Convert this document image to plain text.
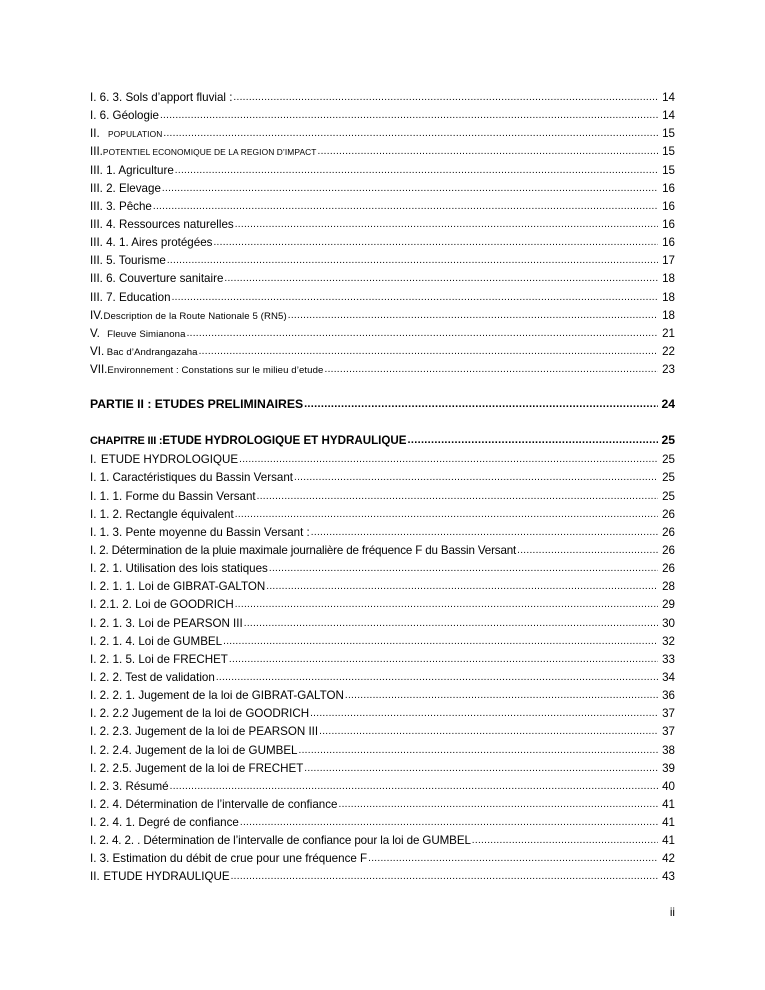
I. 6. 3. Sols d’apport fluvial : .....	14
I. 6. Géologie .....	14
II. POPULATION .....	15
III. POTENTIEL ECONOMIQUE DE LA REGION D’IMPACT .....	15
III. 1. Agriculture .....	15
III. 2. Elevage .....	16
III. 3. Pêche .....	16
III. 4. Ressources naturelles .....	16
III. 4. 1. Aires protégées .....	16
III. 5. Tourisme .....	17
III. 6. Couverture sanitaire .....	18
III. 7. Education .....	18
IV. Description de la Route Nationale 5 (RN5) .....	18
V. Fleuve Simianona .....	21
VI. Bac d’Andrangazaha .....	22
VII. Environnement : Constations sur le milieu d’etude .....	23
PARTIE II : ETUDES PRELIMINAIRES .....	24
CHAPITRE III : ETUDE HYDROLOGIQUE ET HYDRAULIQUE .....	25
I. ETUDE HYDROLOGIQUE .....	25
I. 1. Caractéristiques du Bassin Versant .....	25
I. 1. 1. Forme du Bassin Versant .....	25
I. 1. 2. Rectangle équivalent .....	26
I. 1. 3. Pente moyenne du Bassin Versant : .....	26
I. 2. Détermination de la pluie maximale journalière de fréquence F du Bassin Versant .....	26
I. 2. 1. Utilisation des lois statiques .....	26
I. 2. 1. 1. Loi de GIBRAT-GALTON .....	28
I. 2.1. 2. Loi de GOODRICH .....	29
I. 2. 1. 3. Loi de PEARSON III .....	30
I. 2. 1. 4. Loi de GUMBEL .....	32
I. 2. 1. 5. Loi de FRECHET .....	33
I. 2. 2. Test de validation .....	34
I. 2. 2. 1. Jugement de la loi de GIBRAT-GALTON .....	36
I. 2. 2.2 Jugement de la loi de GOODRICH .....	37
I. 2. 2.3. Jugement de la loi de PEARSON III .....	37
I. 2. 2.4. Jugement de la loi de GUMBEL .....	38
I. 2. 2.5. Jugement de la loi de FRECHET .....	39
I. 2. 3. Résumé .....	40
I. 2. 4. Détermination de l’intervalle de confiance .....	41
I. 2. 4. 1. Degré de confiance .....	41
I. 2. 4. 2. . Détermination de l’intervalle de confiance pour la loi de GUMBEL .....	41
I. 3. Estimation du débit de crue pour une fréquence F .....	42
II. ETUDE HYDRAULIQUE .....	43
ii
